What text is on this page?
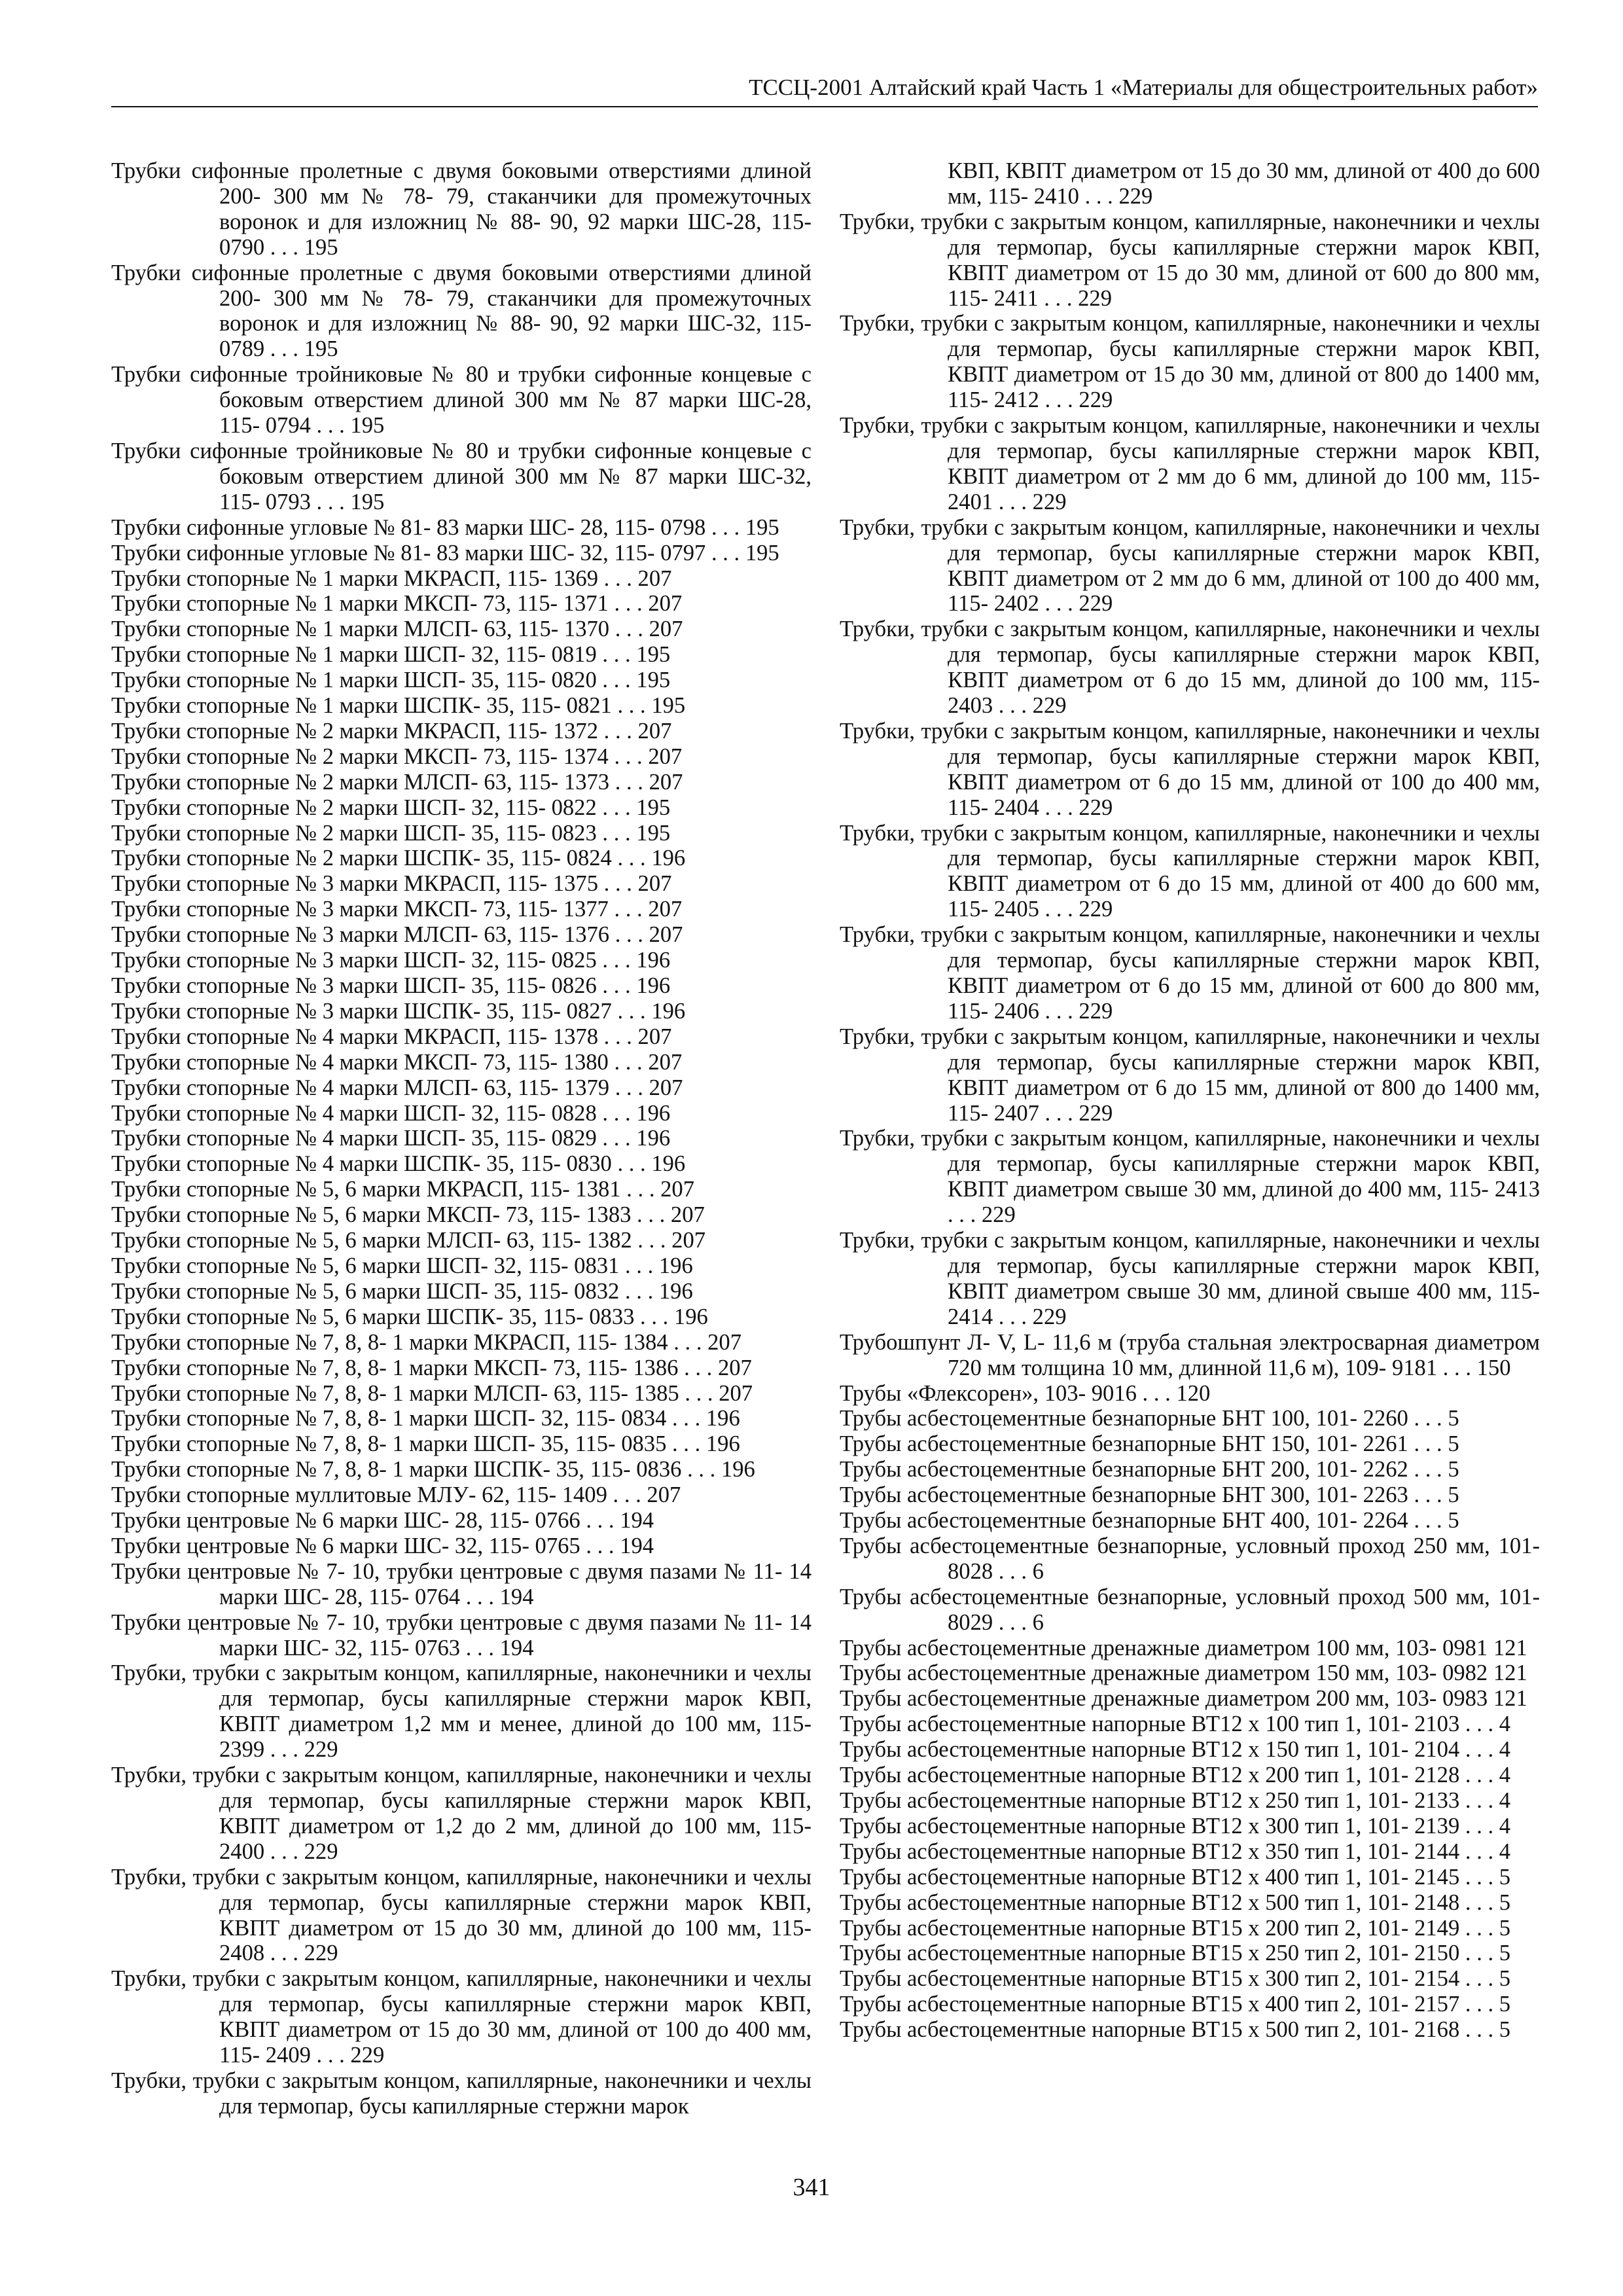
ТССЦ-2001 Алтайский край Часть 1 «Материалы для общестроительных работ»
Трубки сифонные пролетные с двумя боковыми отверстиями длиной 200- 300 мм № 78- 79, стаканчики для промежуточных воронок и для изложниц № 88- 90, 92 марки ШС-28, 115- 0790 . . . 195
Трубки сифонные пролетные с двумя боковыми отверстиями длиной 200- 300 мм № 78- 79, стаканчики для промежуточных воронок и для изложниц № 88- 90, 92 марки ШС-32, 115- 0789 . . . 195
Трубки сифонные тройниковые № 80 и трубки сифонные концевые с боковым отверстием длиной 300 мм № 87 марки ШС-28, 115- 0794 . . . 195
Трубки сифонные тройниковые № 80 и трубки сифонные концевые с боковым отверстием длиной 300 мм № 87 марки ШС-32, 115- 0793 . . . 195
Трубки сифонные угловые № 81- 83 марки ШС- 28, 115- 0798 . . . 195
Трубки сифонные угловые № 81- 83 марки ШС- 32, 115- 0797 . . . 195
Трубки стопорные № 1 марки МКРАСП, 115- 1369 . . . 207
Трубки стопорные № 1 марки МКСП- 73, 115- 1371 . . . 207
Трубки стопорные № 1 марки МЛСП- 63, 115- 1370 . . . 207
Трубки стопорные № 1 марки ШСП- 32, 115- 0819 . . . 195
Трубки стопорные № 1 марки ШСП- 35, 115- 0820 . . . 195
Трубки стопорные № 1 марки ШСПК- 35, 115- 0821 . . . 195
Трубки стопорные № 2 марки МКРАСП, 115- 1372 . . . 207
Трубки стопорные № 2 марки МКСП- 73, 115- 1374 . . . 207
Трубки стопорные № 2 марки МЛСП- 63, 115- 1373 . . . 207
Трубки стопорные № 2 марки ШСП- 32, 115- 0822 . . . 195
Трубки стопорные № 2 марки ШСП- 35, 115- 0823 . . . 195
Трубки стопорные № 2 марки ШСПК- 35, 115- 0824 . . . 196
Трубки стопорные № 3 марки МКРАСП, 115- 1375 . . . 207
Трубки стопорные № 3 марки МКСП- 73, 115- 1377 . . . 207
Трубки стопорные № 3 марки МЛСП- 63, 115- 1376 . . . 207
Трубки стопорные № 3 марки ШСП- 32, 115- 0825 . . . 196
Трубки стопорные № 3 марки ШСП- 35, 115- 0826 . . . 196
Трубки стопорные № 3 марки ШСПК- 35, 115- 0827 . . . 196
Трубки стопорные № 4 марки МКРАСП, 115- 1378 . . . 207
Трубки стопорные № 4 марки МКСП- 73, 115- 1380 . . . 207
Трубки стопорные № 4 марки МЛСП- 63, 115- 1379 . . . 207
Трубки стопорные № 4 марки ШСП- 32, 115- 0828 . . . 196
Трубки стопорные № 4 марки ШСП- 35, 115- 0829 . . . 196
Трубки стопорные № 4 марки ШСПК- 35, 115- 0830 . . . 196
Трубки стопорные № 5, 6 марки МКРАСП, 115- 1381 . . . 207
Трубки стопорные № 5, 6 марки МКСП- 73, 115- 1383 . . . 207
Трубки стопорные № 5, 6 марки МЛСП- 63, 115- 1382 . . . 207
Трубки стопорные № 5, 6 марки ШСП- 32, 115- 0831 . . . 196
Трубки стопорные № 5, 6 марки ШСП- 35, 115- 0832 . . . 196
Трубки стопорные № 5, 6 марки ШСПК- 35, 115- 0833 . . . 196
Трубки стопорные № 7, 8, 8- 1 марки МКРАСП, 115- 1384 . . . 207
Трубки стопорные № 7, 8, 8- 1 марки МКСП- 73, 115- 1386 . . . 207
Трубки стопорные № 7, 8, 8- 1 марки МЛСП- 63, 115- 1385 . . . 207
Трубки стопорные № 7, 8, 8- 1 марки ШСП- 32, 115- 0834 . . . 196
Трубки стопорные № 7, 8, 8- 1 марки ШСП- 35, 115- 0835 . . . 196
Трубки стопорные № 7, 8, 8- 1 марки ШСПК- 35, 115- 0836 . . . 196
Трубки стопорные муллитовые МЛУ- 62, 115- 1409 . . . 207
Трубки центровые № 6 марки ШС- 28, 115- 0766 . . . 194
Трубки центровые № 6 марки ШС- 32, 115- 0765 . . . 194
Трубки центровые № 7- 10, трубки центровые с двумя пазами № 11- 14 марки ШС- 28, 115- 0764 . . . 194
Трубки центровые № 7- 10, трубки центровые с двумя пазами № 11- 14 марки ШС- 32, 115- 0763 . . . 194
Трубки, трубки с закрытым концом, капиллярные, наконечники и чехлы для термопар, бусы капиллярные стержни марок КВП, КВПТ диаметром 1,2 мм и менее, длиной до 100 мм, 115- 2399 . . . 229
Трубки, трубки с закрытым концом, капиллярные, наконечники и чехлы для термопар, бусы капиллярные стержни марок КВП, КВПТ диаметром от 1,2 до 2 мм, длиной до 100 мм, 115- 2400 . . . 229
Трубки, трубки с закрытым концом, капиллярные, наконечники и чехлы для термопар, бусы капиллярные стержни марок КВП, КВПТ диаметром от 15 до 30 мм, длиной до 100 мм, 115- 2408 . . . 229
Трубки, трубки с закрытым концом, капиллярные, наконечники и чехлы для термопар, бусы капиллярные стержни марок КВП, КВПТ диаметром от 15 до 30 мм, длиной от 100 до 400 мм, 115- 2409 . . . 229
Трубки, трубки с закрытым концом, капиллярные, наконечники и чехлы для термопар, бусы капиллярные стержни марок
КВП, КВПТ диаметром от 15 до 30 мм, длиной от 400 до 600 мм, 115- 2410 . . . 229
Трубки, трубки с закрытым концом, капиллярные, наконечники и чехлы для термопар, бусы капиллярные стержни марок КВП, КВПТ диаметром от 15 до 30 мм, длиной от 600 до 800 мм, 115- 2411 . . . 229
Трубки, трубки с закрытым концом, капиллярные, наконечники и чехлы для термопар, бусы капиллярные стержни марок КВП, КВПТ диаметром от 15 до 30 мм, длиной от 800 до 1400 мм, 115- 2412 . . . 229
Трубки, трубки с закрытым концом, капиллярные, наконечники и чехлы для термопар, бусы капиллярные стержни марок КВП, КВПТ диаметром от 2 мм до 6 мм, длиной до 100 мм, 115- 2401 . . . 229
Трубки, трубки с закрытым концом, капиллярные, наконечники и чехлы для термопар, бусы капиллярные стержни марок КВП, КВПТ диаметром от 2 мм до 6 мм, длиной от 100 до 400 мм, 115- 2402 . . . 229
Трубки, трубки с закрытым концом, капиллярные, наконечники и чехлы для термопар, бусы капиллярные стержни марок КВП, КВПТ диаметром от 6 до 15 мм, длиной до 100 мм, 115- 2403 . . . 229
Трубки, трубки с закрытым концом, капиллярные, наконечники и чехлы для термопар, бусы капиллярные стержни марок КВП, КВПТ диаметром от 6 до 15 мм, длиной от 100 до 400 мм, 115- 2404 . . . 229
Трубки, трубки с закрытым концом, капиллярные, наконечники и чехлы для термопар, бусы капиллярные стержни марок КВП, КВПТ диаметром от 6 до 15 мм, длиной от 400 до 600 мм, 115- 2405 . . . 229
Трубки, трубки с закрытым концом, капиллярные, наконечники и чехлы для термопар, бусы капиллярные стержни марок КВП, КВПТ диаметром от 6 до 15 мм, длиной от 600 до 800 мм, 115- 2406 . . . 229
Трубки, трубки с закрытым концом, капиллярные, наконечники и чехлы для термопар, бусы капиллярные стержни марок КВП, КВПТ диаметром от 6 до 15 мм, длиной от 800 до 1400 мм, 115- 2407 . . . 229
Трубки, трубки с закрытым концом, капиллярные, наконечники и чехлы для термопар, бусы капиллярные стержни марок КВП, КВПТ диаметром свыше 30 мм, длиной до 400 мм, 115- 2413 . . . 229
Трубки, трубки с закрытым концом, капиллярные, наконечники и чехлы для термопар, бусы капиллярные стержни марок КВП, КВПТ диаметром свыше 30 мм, длиной свыше 400 мм, 115- 2414 . . . 229
Трубошпунт Л- V, L- 11,6 м (труба стальная электросварная диаметром 720 мм толщина 10 мм, длинной 11,6 м), 109- 9181 . . . 150
Трубы «Флексорен», 103- 9016 . . . 120
Трубы асбестоцементные безнапорные БНТ 100, 101- 2260 . . . 5
Трубы асбестоцементные безнапорные БНТ 150, 101- 2261 . . . 5
Трубы асбестоцементные безнапорные БНТ 200, 101- 2262 . . . 5
Трубы асбестоцементные безнапорные БНТ 300, 101- 2263 . . . 5
Трубы асбестоцементные безнапорные БНТ 400, 101- 2264 . . . 5
Трубы асбестоцементные безнапорные, условный проход 250 мм, 101- 8028 . . . 6
Трубы асбестоцементные безнапорные, условный проход 500 мм, 101- 8029 . . . 6
Трубы асбестоцементные дренажные диаметром 100 мм, 103- 0981 121
Трубы асбестоцементные дренажные диаметром 150 мм, 103- 0982 121
Трубы асбестоцементные дренажные диаметром 200 мм, 103- 0983 121
Трубы асбестоцементные напорные ВТ12 х 100 тип 1, 101- 2103 . . . 4
Трубы асбестоцементные напорные ВТ12 х 150 тип 1, 101- 2104 . . . 4
Трубы асбестоцементные напорные ВТ12 х 200 тип 1, 101- 2128 . . . 4
Трубы асбестоцементные напорные ВТ12 х 250 тип 1, 101- 2133 . . . 4
Трубы асбестоцементные напорные ВТ12 х 300 тип 1, 101- 2139 . . . 4
Трубы асбестоцементные напорные ВТ12 х 350 тип 1, 101- 2144 . . . 4
Трубы асбестоцементные напорные ВТ12 х 400 тип 1, 101- 2145 . . . 5
Трубы асбестоцементные напорные ВТ12 х 500 тип 1, 101- 2148 . . . 5
Трубы асбестоцементные напорные ВТ15 х 200 тип 2, 101- 2149 . . . 5
Трубы асбестоцементные напорные ВТ15 х 250 тип 2, 101- 2150 . . . 5
Трубы асбестоцементные напорные ВТ15 х 300 тип 2, 101- 2154 . . . 5
Трубы асбестоцементные напорные ВТ15 х 400 тип 2, 101- 2157 . . . 5
Трубы асбестоцементные напорные ВТ15 х 500 тип 2, 101- 2168 . . . 5
341
